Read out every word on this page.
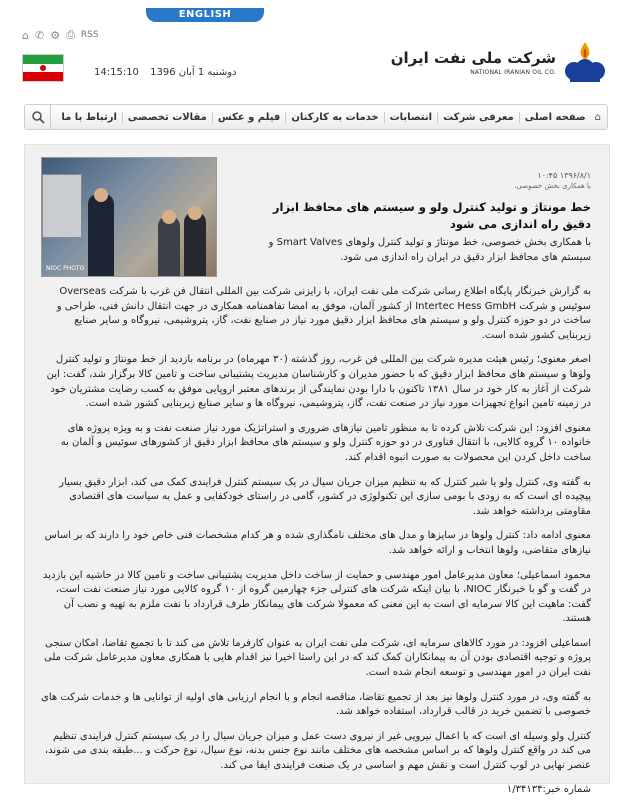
ENGLISH
⌂ ✆ ⚙ ⎙ RSS
14:15:10 دوشنبه 1 آبان 1396
شرکت ملی نفت ایران
NATIONAL IRANIAN OIL CO.
⌂
صفحه اصلی
معرفی شرکت
انتصابات
خدمات به کارکنان
فیلم و عکس
مقالات تخصصی
ارتباط با ما
NIOC PHOTO
۱۳۹۶/۸/۱ ۱۰:۴۵
با همکاری بخش خصوصی،
خط مونتاژ و تولید کنترل ولو و سیستم های محافظ ابزار دقیق راه اندازی می شود
با همکاری بخش خصوصی، خط مونتاژ و تولید کنترل ولوهای Smart Valves و سیستم های محافظ ابزار دقیق در ایران راه اندازی می شود.

به گزارش خبرنگار پایگاه اطلاع رسانی شرکت ملی نفت ایران، با رایزنی شرکت بین المللی انتقال فن غرب با شرکت Overseas سوئیس و شرکت Intertec Hess GmbH از کشور آلمان، موفق به امضا تفاهمنامه همکاری در جهت انتقال دانش فنی، طراحی و ساخت در دو حوزه کنترل ولو و سیستم های محافظ ابزار دقیق مورد نیاز در صنایع نفت، گاز، پتروشیمی، نیروگاه و سایر صنایع زیربنایی کشور شده است.

اصغر معنوی؛ رئیس هیئت مدیره شرکت بین المللی فن غرب، روز گذشته (۳۰ مهرماه) در برنامه بازدید از خط مونتاژ و تولید کنترل ولوها و سیستم های محافظ ابزار دقیق که با حضور مدیران و کارشناسان مدیریت پشتیبانی ساخت و تامین کالا برگزار شد، گفت: این شرکت از آغاز به کار خود در سال ۱۳۸۱ تاکنون با دارا بودن نمایندگی از برندهای معتبر اروپایی موفق به کسب رضایت مشتریان خود در زمینه تامین انواع تجهیزات مورد نیاز در صنعت نفت، گاز، پتروشیمی، نیروگاه ها و سایر صنایع زیربنایی کشور شده است.

معنوی افزود: این شرکت تلاش کرده تا به منظور تامین نیازهای ضروری و استراتژیک مورد نیاز صنعت نفت و به ویژه پروژه های خانواده ۱۰ گروه کالایی، با انتقال فناوری در دو حوزه کنترل ولو و سیستم های محافظ ابزار دقیق از کشورهای سوئیس و آلمان به ساخت داخل کردن این محصولات به صورت انبوه اقدام کند.

به گفته وی، کنترل ولو یا شیر کنترل که به تنظیم میزان جریان سیال در یک سیستم کنترل فرایندی کمک می کند، ابزار دقیق بسیار پیچیده ای است که به زودی با بومی سازی این تکنولوژی در کشور، گامی در راستای خودکفایی و عمل به سیاست های اقتصادی مقاومتی برداشته خواهد شد.

معنوی ادامه داد: کنترل ولوها در سایزها و مدل های مختلف نامگذاری شده و هر کدام مشخصات فنی خاص خود را دارند که بر اساس نیازهای متقاضی، ولوها انتخاب و ارائه خواهد شد.

محمود اسماعیلی؛ معاون مدیرعامل امور مهندسی و حمایت از ساخت داخل مدیریت پشتیبانی ساخت و تامین کالا در حاشیه این بازدید در گفت و گو با خبرنگار NIOC، با بیان اینکه شرکت های کنترلی جزء چهارمین گروه از ۱۰ گروه کالایی مورد نیاز صنعت نفت است، گفت: ماهیت این کالا سرمایه ای است به این معنی که معمولا شرکت های پیمانکار طرف قرارداد با نفت ملزم به تهیه و نصب آن هستند.

اسماعیلی افزود: در مورد کالاهای سرمایه ای، شرکت ملی نفت ایران به عنوان کارفرما تلاش می کند تا با تجمیع تقاضا، امکان سنجی پروژه و توجیه اقتصادی بودن آن به پیمانکاران کمک کند که در این راستا اخیرا نیز اقدام هایی با همکاری معاون مدیرعامل شرکت ملی نفت ایران در امور مهندسی و توسعه انجام شده است.

به گفته وی، در مورد کنترل ولوها نیز بعد از تجمیع تقاضا، مناقصه انجام و با انجام ارزیابی های اولیه از توانایی ها و خدمات شرکت های خصوصی با تضمین خرید در قالب قرارداد، استفاده خواهد شد.

کنترل ولو وسیله ای است که با اعمال نیرویی غیر از نیروی دست عمل و میزان جریان سیال را در یک سیستم کنترل فرایندی تنظیم می کند در واقع کنترل ولوها که بر اساس مشخصه های مختلف مانند نوع جنس بدنه، نوع سیال، نوع حرکت و ...طبقه بندی می شوند، عنصر نهایی در لوپ کنترل است و نقش مهم و اساسی در یک صنعت فرایندی ایفا می کند.

شماره خبر:۱/۳۴۱۳۴
